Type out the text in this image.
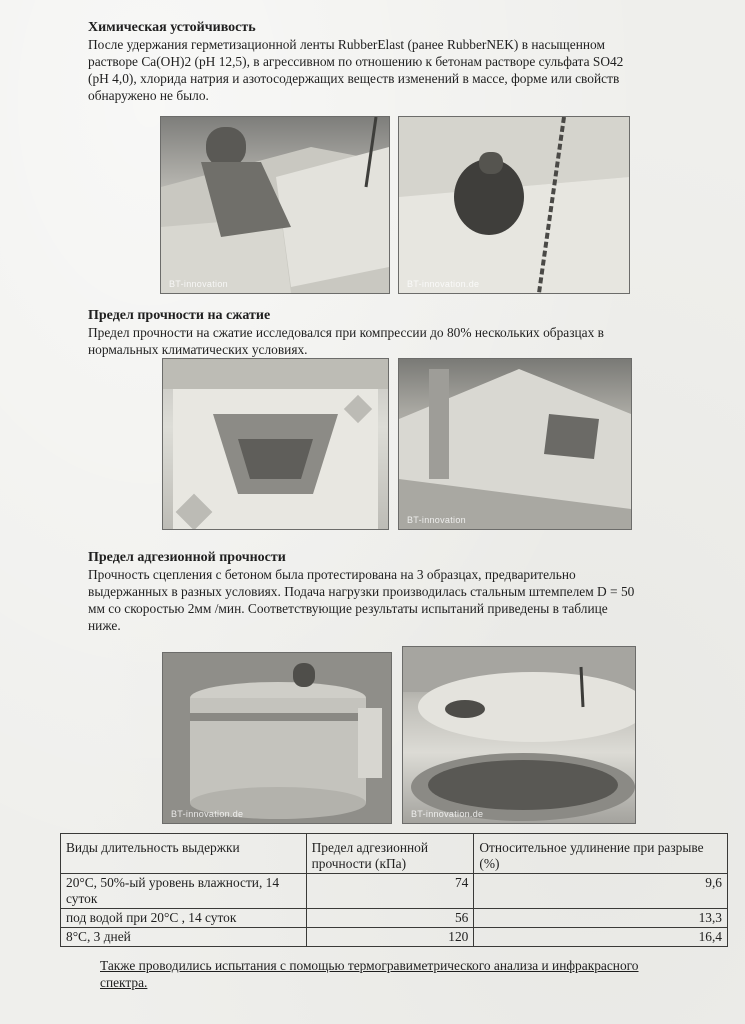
Химическая устойчивость

После удержания герметизационной ленты RubberElast (ранее RubberNEK) в насыщенном
растворе Ca(OH)2 (pH 12,5), в агрессивном по отношению к бетонам растворе сульфата SO42
(pH 4,0), хлорида натрия и азотосодержащих веществ изменений в массе, форме или свойств
обнаружено не было.

BT-innovation	BT-innovation.de

Предел прочности на сжатие

Предел прочности на сжатие исследовался при компрессии до 80% нескольких образцах в
нормальных климатических условиях.

BT-innovation

Предел адгезионной прочности

Прочность сцепления с бетоном была протестирована на 3 образцах, предварительно
выдержанных в разных условиях. Подача нагрузки производилась стальным штемпелем D = 50
мм со скоростью 2мм /мин. Соответствующие результаты испытаний приведены в таблице
ниже.

BT-innovation.de	BT-innovation.de
Виды длительность выдержки	Предел адгезионной прочности (кПа)	Относительное удлинение при разрыве (%)
20°C, 50%-ый уровень влажности, 14 суток	74	9,6
под водой при 20°C , 14 суток	56	13,3
8°C, 3 дней	120	16,4

Также проводились испытания с помощью термогравиметрического анализа и инфракрасного
спектра.
